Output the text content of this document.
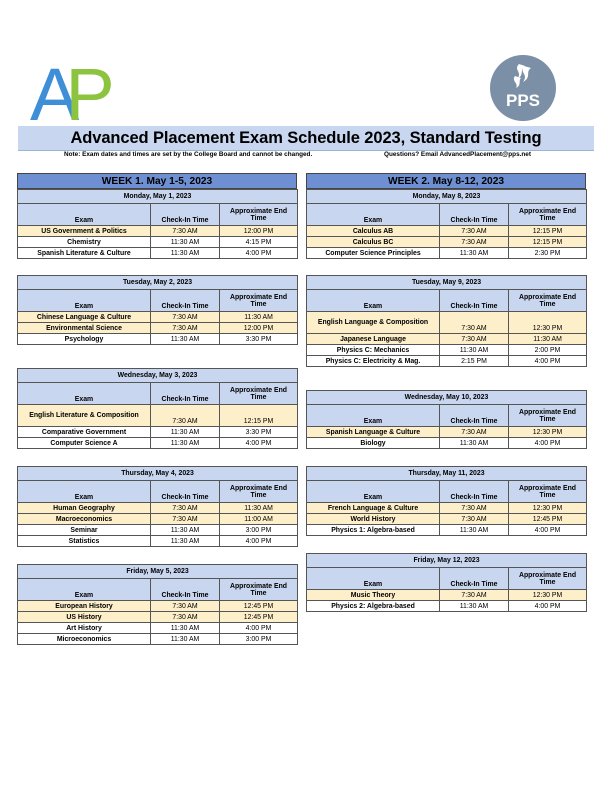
AP	PPS
Advanced Placement Exam Schedule 2023, Standard Testing
Note: Exam dates and times are set by the College Board and cannot be changed.	Questions? Email AdvancedPlacement@pps.net
WEEK 1. May 1-5, 2023
Monday, May 1, 2023		
Exam	Check-In Time	Approximate End Time
US Government & Politics	7:30 AM	12:00 PM
Chemistry	11:30 AM	4:15 PM
Spanish Literature & Culture	11:30 AM	4:00 PM
Tuesday, May 2, 2023		
Exam	Check-In Time	Approximate End Time
Chinese Language & Culture	7:30 AM	11:30 AM
Environmental Science	7:30 AM	12:00 PM
Psychology	11:30 AM	3:30 PM
Wednesday, May 3, 2023		
Exam	Check-In Time	Approximate End Time
English Literature & Composition	7:30 AM	12:15 PM
Comparative Government	11:30 AM	3:30 PM
Computer Science A	11:30 AM	4:00 PM
Thursday, May 4, 2023		
Exam	Check-In Time	Approximate End Time
Human Geography	7:30 AM	11:30 AM
Macroeconomics	7:30 AM	11:00 AM
Seminar	11:30 AM	3:00 PM
Statistics	11:30 AM	4:00 PM
Friday, May 5, 2023		
Exam	Check-In Time	Approximate End Time
European History	7:30 AM	12:45 PM
US History	7:30 AM	12:45 PM
Art History	11:30 AM	4:00 PM
Microeconomics	11:30 AM	3:00 PM
WEEK 2. May 8-12, 2023
Monday, May 8, 2023		
Exam	Check-In Time	Approximate End Time
Calculus AB	7:30 AM	12:15 PM
Calculus BC	7:30 AM	12:15 PM
Computer Science Principles	11:30 AM	2:30 PM
Tuesday, May 9, 2023		
Exam	Check-In Time	Approximate End Time
English Language & Composition	7:30 AM	12:30 PM
Japanese Language	7:30 AM	11:30 AM
Physics C: Mechanics	11:30 AM	2:00 PM
Physics C: Electricity & Mag.	2:15 PM	4:00 PM
Wednesday, May 10, 2023		
Exam	Check-In Time	Approximate End Time
Spanish Language & Culture	7:30 AM	12:30 PM
Biology	11:30 AM	4:00 PM
Thursday, May 11, 2023		
Exam	Check-In Time	Approximate End Time
French Language & Culture	7:30 AM	12:30 PM
World History	7:30 AM	12:45 PM
Physics 1: Algebra-based	11:30 AM	4:00 PM
Friday, May 12, 2023		
Exam	Check-In Time	Approximate End Time
Music Theory	7:30 AM	12:30 PM
Physics 2: Algebra-based	11:30 AM	4:00 PM
